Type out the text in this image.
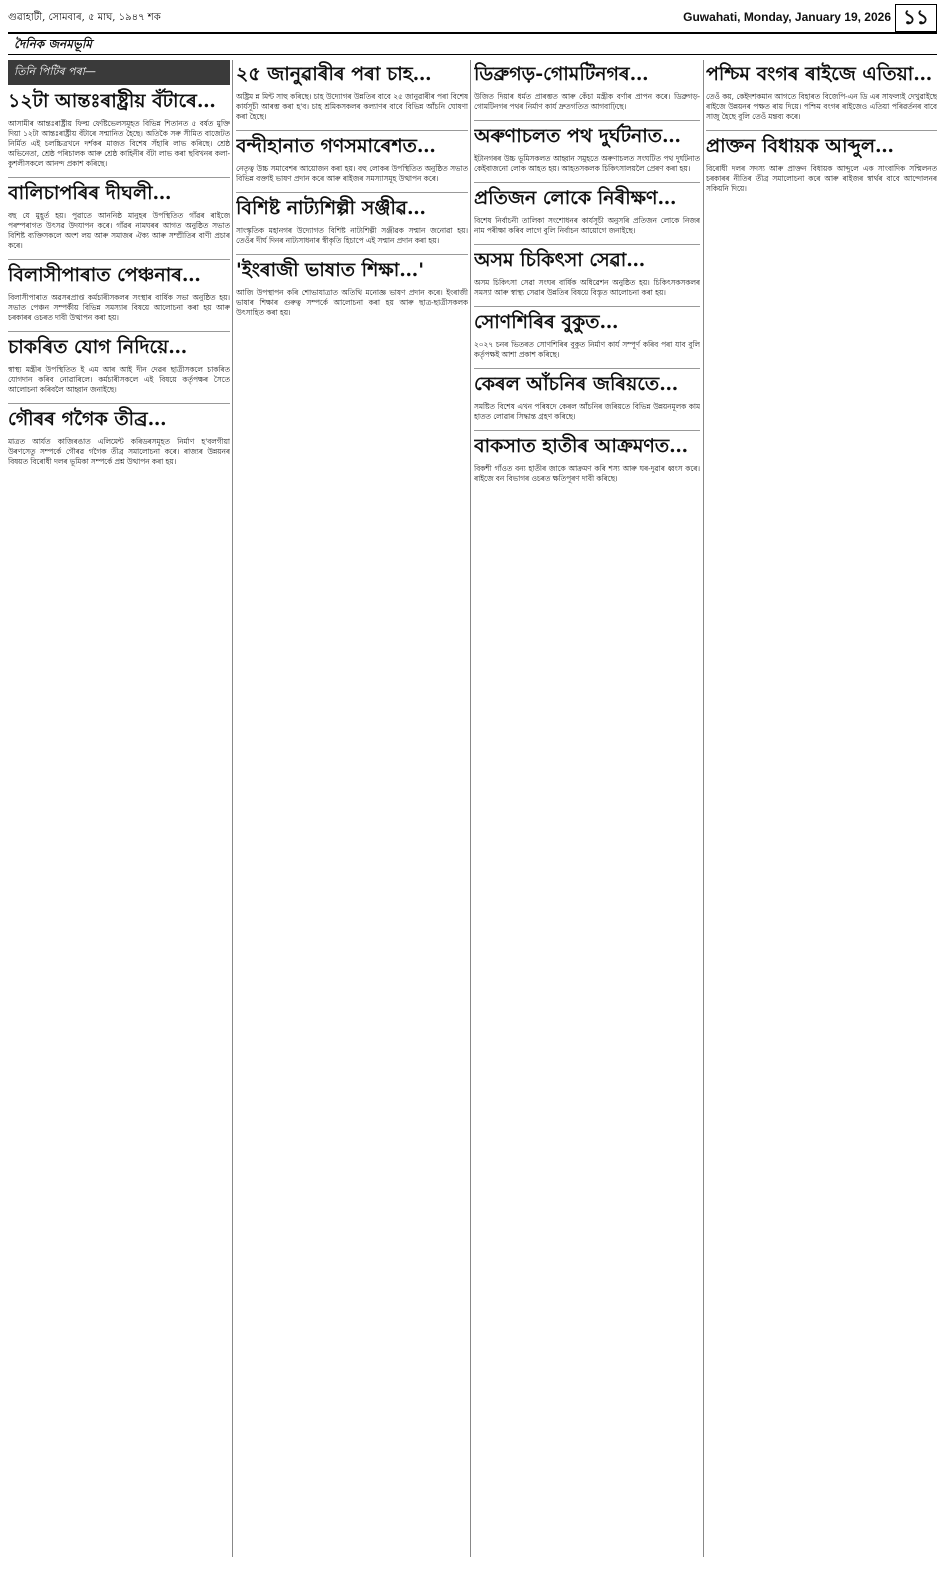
গুৱাহাটী, সোমবাৰ, ৫ মাঘ, ১৯৪৭ শক	Guwahati, Monday, January 19, 2026 ১১
দৈনিক জনমভূমি
তিনি পিটিৰ পৰা—
১২টা আন্তঃৰাষ্ট্ৰীয় বঁটাৰে…

আসামীৰ আন্তঃৰাষ্ট্ৰীয় ফিল্ম ফেষ্টিভেলসমূহত বিভিন্ন শিতানত ৫ বৰ্ষত মুক্তি দিয়া ১২টা আন্তঃৰাষ্ট্ৰীয় বঁটাৰে সন্মানিত হৈছে। অতিকৈ সৰু সীমিত বাজেটত নিৰ্মিত এই চলচ্চিত্ৰখনে দৰ্শকৰ মাজত বিশেষ সঁহাৰি লাভ কৰিছে। শ্ৰেষ্ঠ অভিনেতা, শ্ৰেষ্ঠ পৰিচালক আৰু শ্ৰেষ্ঠ কাহিনীৰ বঁটা লাভ কৰা ছবিখনৰ কলা-কুশলীসকলে আনন্দ প্ৰকাশ কৰিছে।

বালিচাপৰিৰ দীঘলী…

বছ যে মুহূৰ্ত হয়। পুৱাতে আননিষ্ঠ মানুহৰ উপস্থিতিত গাঁৱৰ ৰাইজে পৰম্পৰাগত উৎসৱ উদযাপন কৰে। গাঁৱৰ নামঘৰৰ আগত অনুষ্ঠিত সভাত বিশিষ্ট ব্যক্তিসকলে অংশ লয় আৰু সমাজৰ ঐক্য আৰু সম্প্ৰীতিৰ বাণী প্ৰচাৰ কৰে।

বিলাসীপাৰাত পেঞ্চনাৰ…

বিলাসীপাৰাত অৱসৰপ্ৰাপ্ত কৰ্মচাৰীসকলৰ সংস্থাৰ বাৰ্ষিক সভা অনুষ্ঠিত হয়। সভাত পেঞ্চন সম্পৰ্কীয় বিভিন্ন সমস্যাৰ বিষয়ে আলোচনা কৰা হয় আৰু চৰকাৰৰ ওচৰত দাবী উত্থাপন কৰা হয়।

চাকৰিত যোগ নিদিয়ে…

স্বাস্থ্য মন্ত্ৰীৰ উপস্থিতিত ই এম আৰ আই দীন দেৱৰ ছাত্ৰীসকলে চাকৰিত যোগদান কৰিব নোৱাৰিলে। কৰ্মচাৰীসকলে এই বিষয়ে কৰ্তৃপক্ষৰ সৈতে আলোচনা কৰিবলৈ আহ্বান জনাইছে।

গৌৰৰ গগৈক তীব্ৰ…

মাত্ৰত আৰ্যত কাজিৰঙাত এলিমেন্ট কৰিডৰসমূহত নিৰ্মাণ হ'বলগীয়া উৰণসেতু সম্পৰ্কে গৌৰৱ গগৈক তীব্ৰ সমালোচনা কৰে। ৰাজ্যৰ উন্নয়নৰ বিষয়ত বিৰোধী দলৰ ভূমিকা সম্পৰ্কে প্ৰশ্ন উত্থাপন কৰা হয়।

২৫ জানুৱাৰীৰ পৰা চাহ…

অষ্ট্ৰিম ন্ন মিন্ট সাহু কৰিছে। চাহ উদ্যোগৰ উন্নতিৰ বাবে ২৫ জানুৱাৰীৰ পৰা বিশেষ কাৰ্যসূচী আৰম্ভ কৰা হ'ব। চাহ শ্ৰমিকসকলৰ কল্যাণৰ বাবে বিভিন্ন আঁচনি ঘোষণা কৰা হৈছে।

বন্দীহানাত গণসমাৰেশত…

নেতৃত্ব উচ্চ সমাবেশৰ আয়োজন কৰা হয়। বহু লোকৰ উপস্থিতিত অনুষ্ঠিত সভাত বিভিন্ন বক্তাই ভাষণ প্ৰদান কৰে আৰু ৰাইজৰ সমস্যাসমূহ উত্থাপন কৰে।

বিশিষ্ট নাট্যশিল্পী সঞ্জীৱ…

সাংস্কৃতিক মহানগৰ উদ্যোগত বিশিষ্ট নাট্যশিল্পী সঞ্জীৱক সন্মান জনোৱা হয়। তেওঁৰ দীৰ্ঘ দিনৰ নাট্যসাধনাৰ স্বীকৃতি হিচাপে এই সন্মান প্ৰদান কৰা হয়।

'ইংৰাজী ভাষাত শিক্ষা…'

আজি উপস্থাপন কৰি শোভাযাত্ৰাত অতিথি মনোজ্ঞ ভাষণ প্ৰদান কৰে। ইংৰাজী ভাষাৰ শিক্ষাৰ গুৰুত্ব সম্পৰ্কে আলোচনা কৰা হয় আৰু ছাত্ৰ-ছাত্ৰীসকলক উৎসাহিত কৰা হয়।

ডিব্ৰুগড়-গোমটিনগৰ…

উজিত দিয়াৰ ধৰ্মত প্ৰাৰম্ভত আৰু কেঁচা মন্ত্ৰীক বৰ্ণাৰ প্ৰাপন কৰে। ডিব্ৰুগড়-গোমটিনগৰ পথৰ নিৰ্মাণ কাৰ্য দ্ৰুতগতিত আগবাঢ়িছে।

অৰুণাচলত পথ দুৰ্ঘটনাত…

ইটানগৰৰ উচ্চ ভূমিসকলত আহ্বান সমুহতে অৰুণাচলত সংঘটিত পথ দুৰ্ঘটনাত কেইবাজনো লোক আহত হয়। আহতসকলক চিকিৎসালয়লৈ প্ৰেৰণ কৰা হয়।

প্ৰতিজন লোকে নিৰীক্ষণ…

বিশেষ নিৰ্বাচনী তালিকা সংশোধনৰ কাৰ্যসূচী অনুসৰি প্ৰতিজন লোকে নিজৰ নাম পৰীক্ষা কৰিব লাগে বুলি নিৰ্বাচন আয়োগে জনাইছে।

অসম চিকিৎসা সেৱা…

অসম চিকিৎসা সেৱা সংঘৰ বাৰ্ষিক অধিৱেশন অনুষ্ঠিত হয়। চিকিৎসকসকলৰ সমস্যা আৰু স্বাস্থ্য সেৱাৰ উন্নতিৰ বিষয়ে বিস্তৃত আলোচনা কৰা হয়।

সোণশিৰিৰ বুকুত…

২০২৭ চনৰ ভিতৰত সোণশিৰিৰ বুকুত নিৰ্মাণ কাৰ্য সম্পূৰ্ণ কৰিব পৰা যাব বুলি কৰ্তৃপক্ষই আশা প্ৰকাশ কৰিছে।

কেৰল আঁচনিৰ জৰিয়তে…

সমষ্টিত বিশেষ এখন পৰিষদে কেৰল আঁচনিৰ জৰিয়তে বিভিন্ন উন্নয়নমূলক কাম হাতত লোৱাৰ সিদ্ধান্ত গ্ৰহণ কৰিছে।

বাকসাত হাতীৰ আক্ৰমণত…

বিকশী গাঁওত বন্য হাতীৰ জাকে আক্ৰমণ কৰি শস্য আৰু ঘৰ-দুৱাৰ ধ্বংস কৰে। ৰাইজে বন বিভাগৰ ওচৰত ক্ষতিপূৰণ দাবী কৰিছে।

পশ্চিম বংগৰ ৰাইজে এতিয়া…

তেওঁ কয়, কেইদশকমান আগতে বিহাৰত বিজেপি-এন ডি এৰ সাফল্যই দেখুৱাইছে ৰাইজে উন্নয়নৰ পক্ষত ৰায় দিয়ে। পশ্চিম বংগৰ ৰাইজেও এতিয়া পৰিৱৰ্তনৰ বাবে সাজু হৈছে বুলি তেওঁ মন্তব্য কৰে।

প্ৰাক্তন বিধায়ক আব্দুল…

বিৰোধী দলৰ সদস্য আৰু প্ৰাক্তন বিধায়ক আব্দুলে এক সাংবাদিক সন্মিলনত চৰকাৰৰ নীতিৰ তীব্ৰ সমালোচনা কৰে আৰু ৰাইজৰ স্বাৰ্থৰ বাবে আন্দোলনৰ সকিয়নি দিয়ে।
